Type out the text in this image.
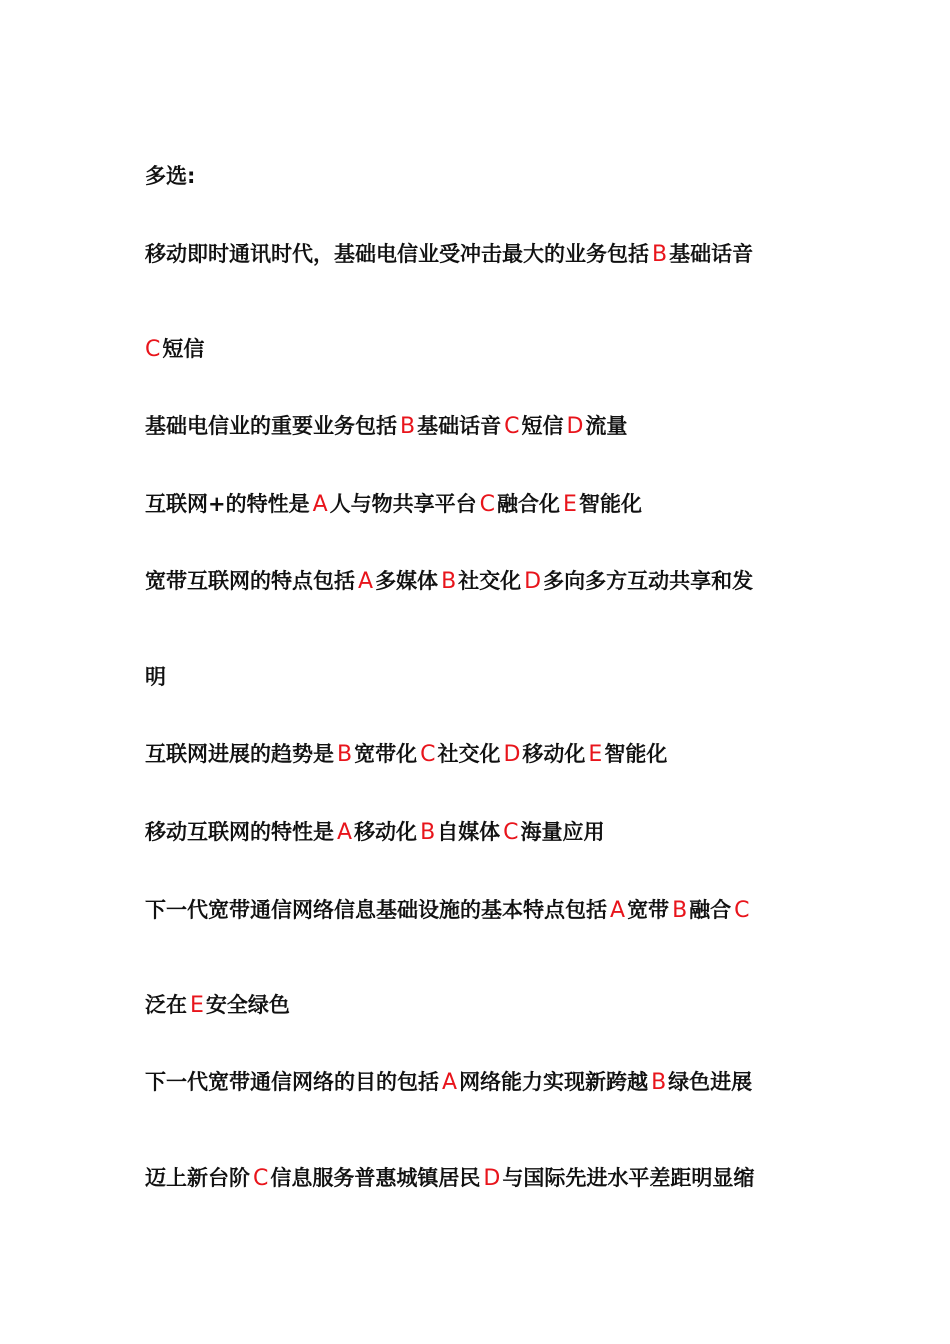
多选:
移动即时通讯时代，基础电信业受冲击最大的业务包括 B基础话音
C短信
基础电信业的重要业务包括 B基础话音 C短信 D流量
互联网+的特性是 A人与物共享平台 C融合化 E智能化
宽带互联网的特点包括 A多媒体 B社交化 D多向多方互动共享和发
明
互联网进展的趋势是 B宽带化 C社交化 D移动化 E智能化
移动互联网的特性是 A移动化 B自媒体 C海量应用
下一代宽带通信网络信息基础设施的基本特点包括 A宽带 B融合 C
泛在 E安全绿色
下一代宽带通信网络的目的包括 A网络能力实现新跨越 B绿色进展
迈上新台阶 C信息服务普惠城镇居民 D与国际先进水平差距明显缩
